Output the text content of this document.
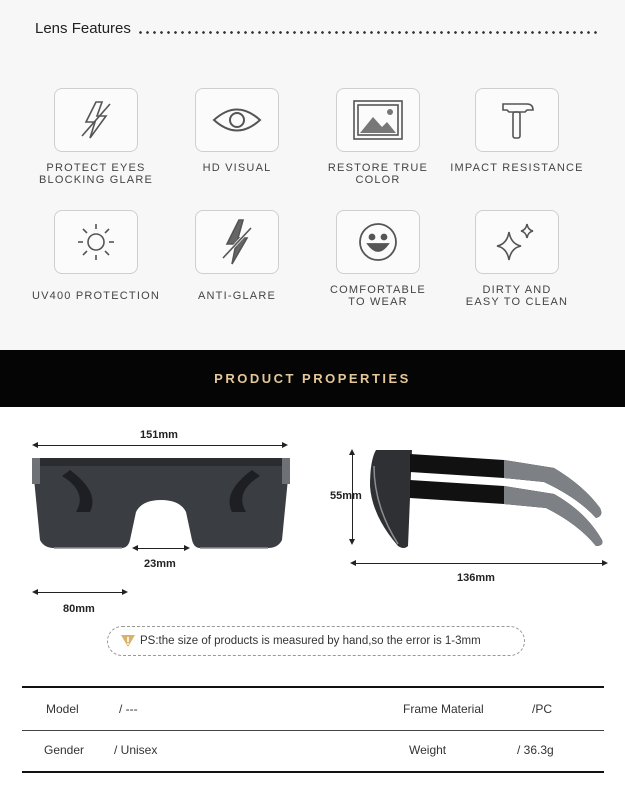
Lens Features
PROTECT EYES
BLOCKING GLARE
HD VISUAL	RESTORE TRUE COLOR
IMPACT RESISTANCE
UV400 PROTECTION	ANTI-GLARE	COMFORTABLE
TO WEAR
DIRTY AND
EASY TO CLEAN
PRODUCT PROPERTIES
151mm
23mm
80mm
55mm
136mm
PS:the size of products is measured by hand,so the error is 1-3mm
Model	/ ---	Frame Material	/PC
Gender / Unisex	Weight	/ 36.3g
